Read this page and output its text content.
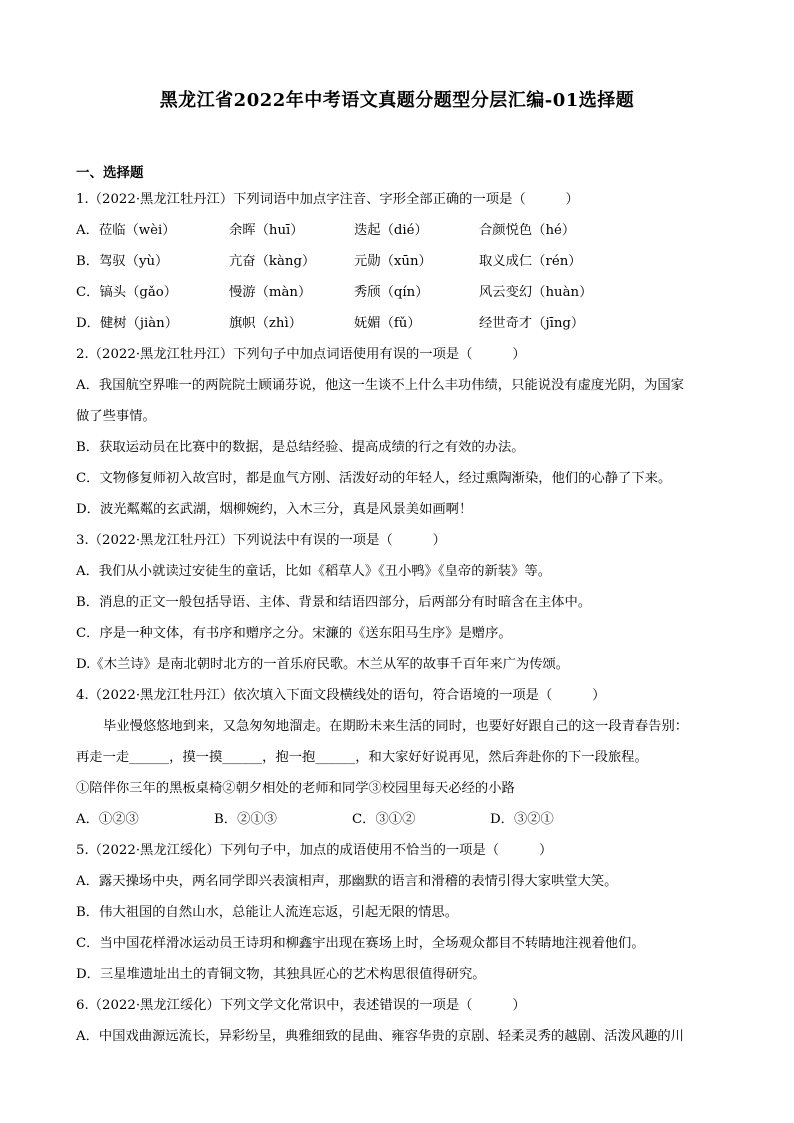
黑龙江省2022年中考语文真题分题型分层汇编-01选择题
一、选择题
1.（2022·黑龙江牡丹江）下列词语中加点字注音、字形全部正确的一项是（　　　）
A．莅临（wèi）	余晖（huī）	迭起（dié）	合颜悦色（hé）
B．驾驭（yù）	亢奋（kàng）	元勋（xūn）	取义成仁（rén）
C．镐头（gǎo）	慢游（màn）	秀颀（qín）	风云变幻（huàn）
D．健树（jiàn）	旗帜（zhì）	妩媚（fǔ）	经世奇才（jīng）
2.（2022·黑龙江牡丹江）下列句子中加点词语使用有误的一项是（　　　）
A．我国航空界唯一的两院院士顾诵芬说，他这一生谈不上什么丰功伟绩，只能说没有虚度光阴，为国家
做了些事情。
B．获取运动员在比赛中的数据，是总结经验、提高成绩的行之有效的办法。
C．文物修复师初入故宫时，都是血气方刚、活泼好动的年轻人，经过熏陶渐染，他们的心静了下来。
D．波光粼粼的玄武湖，烟柳婉约，入木三分，真是风景美如画啊！
3.（2022·黑龙江牡丹江）下列说法中有误的一项是（　　　）
A．我们从小就读过安徒生的童话，比如《稻草人》《丑小鸭》《皇帝的新装》等。
B．消息的正文一般包括导语、主体、背景和结语四部分，后两部分有时暗含在主体中。
C．序是一种文体，有书序和赠序之分。宋濂的《送东阳马生序》是赠序。
D.《木兰诗》是南北朝时北方的一首乐府民歌。木兰从军的故事千百年来广为传颂。
4.（2022·黑龙江牡丹江）依次填入下面文段横线处的语句，符合语境的一项是（　　　）
毕业慢悠悠地到来，又急匆匆地溜走。在期盼未来生活的同时，也要好好跟自己的这一段青春告别：
再走一走______，摸一摸______，抱一抱______，和大家好好说再见，然后奔赴你的下一段旅程。
①陪伴你三年的黑板桌椅②朝夕相处的老师和同学③校园里每天必经的小路
A．①②③	B．②①③	C．③①②	D．③②①
5.（2022·黑龙江绥化）下列句子中，加点的成语使用不恰当的一项是（　　　）
A．露天操场中央，两名同学即兴表演相声，那幽默的语言和滑稽的表情引得大家哄堂大笑。
B．伟大祖国的自然山水，总能让人流连忘返，引起无限的情思。
C．当中国花样滑冰运动员王诗玥和柳鑫宇出现在赛场上时，全场观众都目不转睛地注视着他们。
D．三星堆遗址出土的青铜文物，其独具匠心的艺术构思很值得研究。
6.（2022·黑龙江绥化）下列文学文化常识中，表述错误的一项是（　　　）
A．中国戏曲源远流长，异彩纷呈，典雅细致的昆曲、雍容华贵的京剧、轻柔灵秀的越剧、活泼风趣的川
